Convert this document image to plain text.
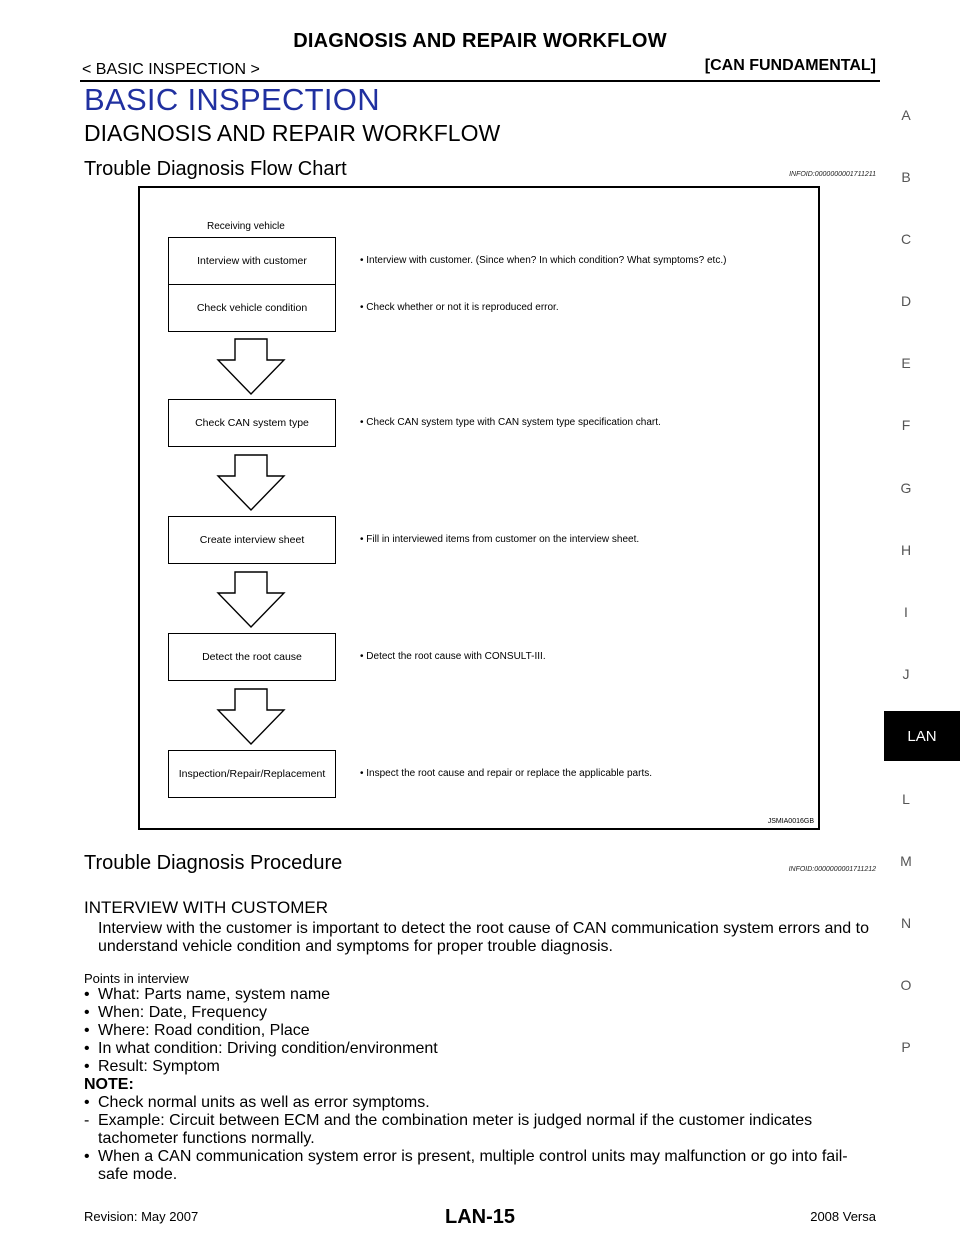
DIAGNOSIS AND REPAIR WORKFLOW
< BASIC INSPECTION >	[CAN FUNDAMENTAL]
BASIC INSPECTION
DIAGNOSIS AND REPAIR WORKFLOW
Trouble Diagnosis Flow Chart	INFOID:0000000001711211
A
B
C
D
E
F
G
H
I
J
LAN
L
M
N
O
P
Receiving vehicle
Interview with customer
Check vehicle condition
• Interview with customer. (Since when? In which condition? What symptoms? etc.)
• Check whether or not it is reproduced error.
Check CAN system type	• Check CAN system type with CAN system type specification chart.
Create interview sheet	• Fill in interviewed items from customer on the interview sheet.
Detect the root cause	• Detect the root cause with CONSULT-III.
Inspection/Repair/Replacement	• Inspect the root cause and repair or replace the applicable parts.
JSMIA0016GB
Trouble Diagnosis Procedure	INFOID:0000000001711212
INTERVIEW WITH CUSTOMER
Interview with the customer is important to detect the root cause of CAN communication system errors and to
understand vehicle condition and symptoms for proper trouble diagnosis.
Points in interview
• What: Parts name, system name
• When: Date, Frequency
• Where: Road condition, Place
• In what condition: Driving condition/environment
• Result: Symptom
NOTE:
• Check normal units as well as error symptoms.
- Example: Circuit between ECM and the combination meter is judged normal if the customer indicates
tachometer functions normally.
• When a CAN communication system error is present, multiple control units may malfunction or go into fail-
safe mode.
Revision: May 2007	LAN-15	2008 Versa
